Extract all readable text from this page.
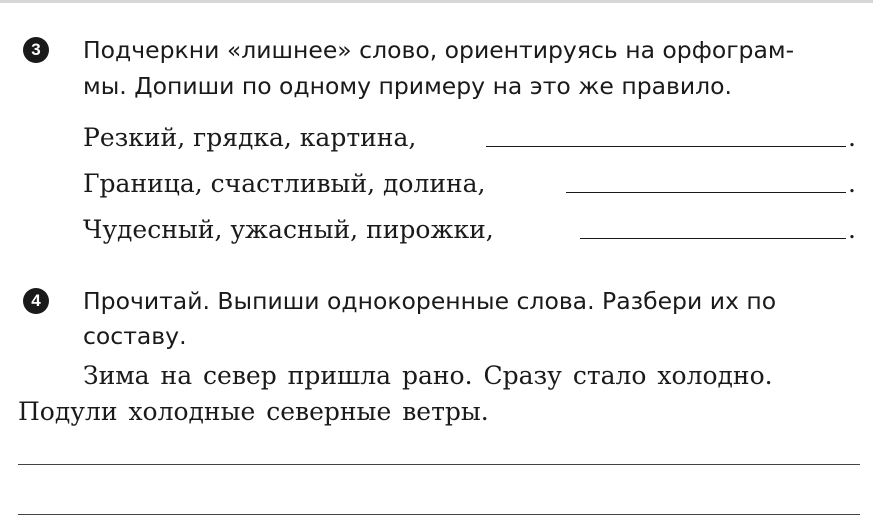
3	Подчеркни «лишнее» слово, ориентируясь на орфограм-
мы. Допиши по одному примеру на это же правило.
Резкий, грядка, картина,	.
Граница, счастливый, долина,	.
Чудесный, ужасный, пирожки,	.
4	Прочитай. Выпиши однокоренные слова. Разбери их по
составу.
Зима на север пришла рано. Сразу стало холодно.
Подули холодные северные ветры.
